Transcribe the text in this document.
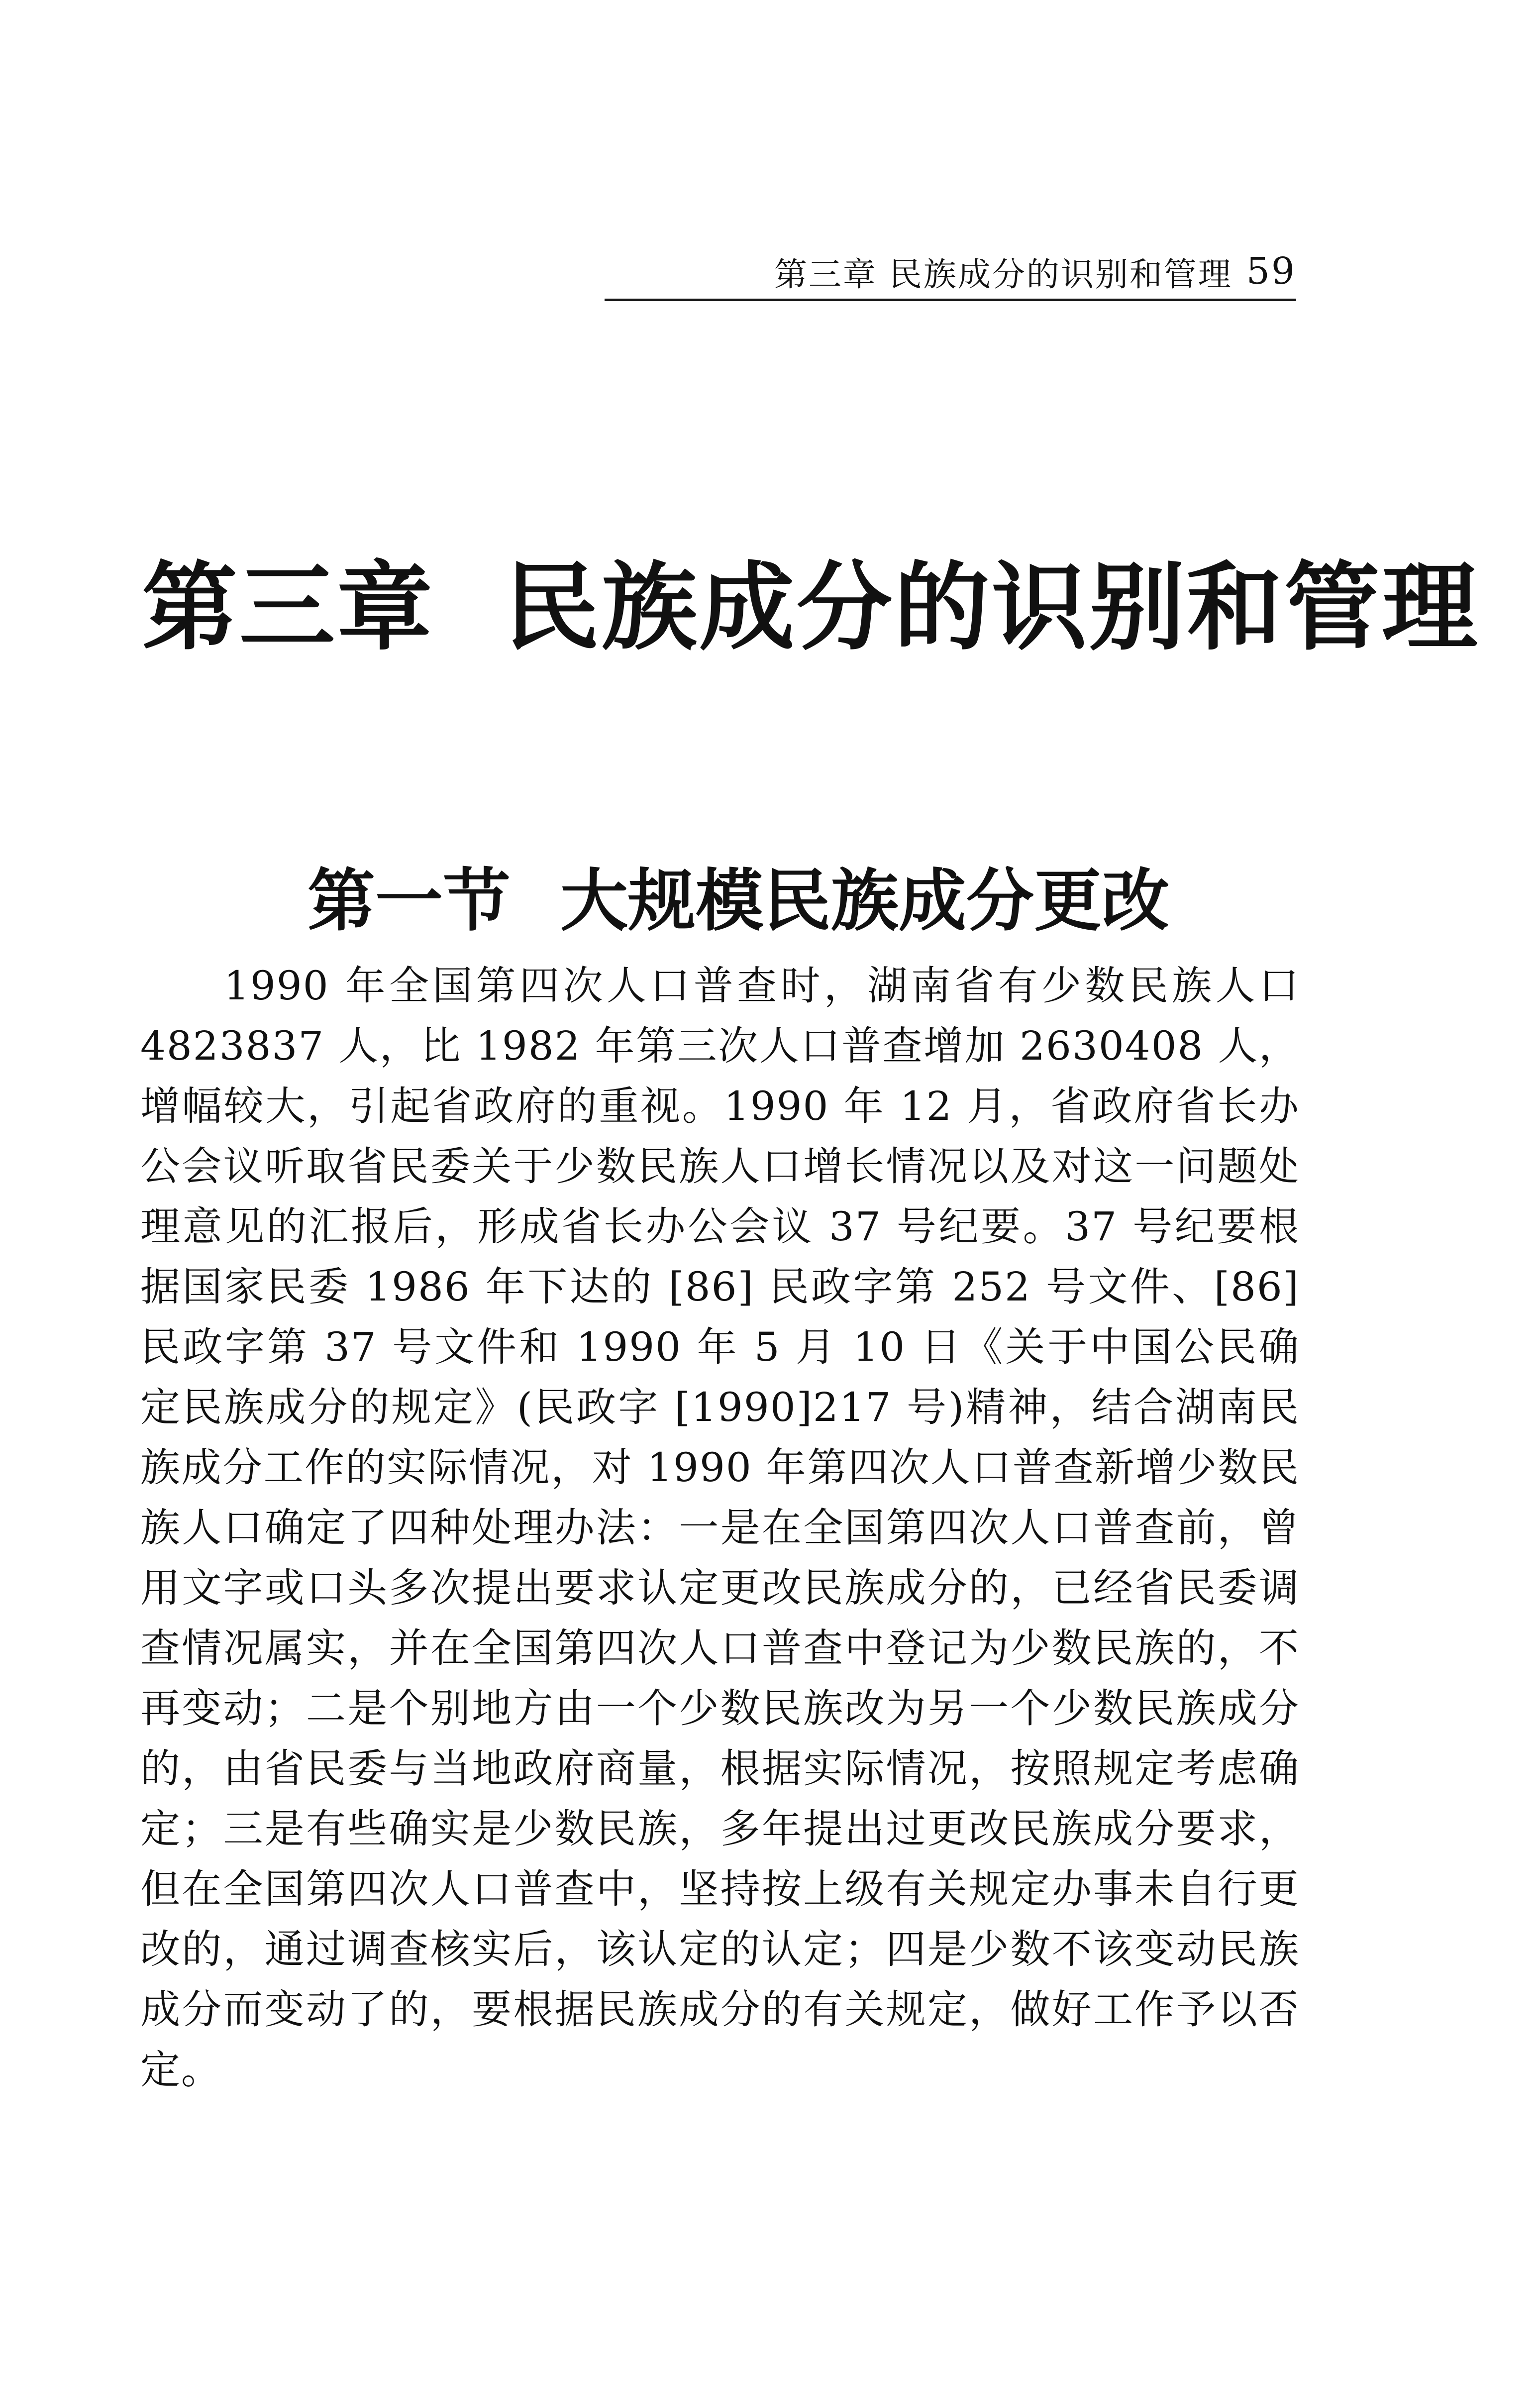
第三章 民族成分的识别和管理 59
第三章 民族成分的识别和管理
第一节 大规模民族成分更改

1990 年全国第四次人口普查时，湖南省有少数民族人口 4823837 人，比 1982 年第三次人口普查增加 2630408 人，增幅较大，引起省政府的重视。1990 年 12 月，省政府省长办公会议听取省民委关于少数民族人口增长情况以及对这一问题处理意见的汇报后，形成省长办公会议 37 号纪要。37 号纪要根据国家民委 1986 年下达的 [86] 民政字第 252 号文件、[86] 民政字第 37 号文件和 1990 年 5 月 10 日《关于中国公民确定民族成分的规定》(民政字 [1990]217 号)精神，结合湖南民族成分工作的实际情况，对 1990 年第四次人口普查新增少数民族人口确定了四种处理办法：一是在全国第四次人口普查前，曾用文字或口头多次提出要求认定更改民族成分的，已经省民委调查情况属实，并在全国第四次人口普查中登记为少数民族的，不再变动；二是个别地方由一个少数民族改为另一个少数民族成分的，由省民委与当地政府商量，根据实际情况，按照规定考虑确定；三是有些确实是少数民族，多年提出过更改民族成分要求，但在全国第四次人口普查中，坚持按上级有关规定办事未自行更改的，通过调查核实后，该认定的认定；四是少数不该变动民族成分而变动了的，要根据民族成分的有关规定，做好工作予以否定。
